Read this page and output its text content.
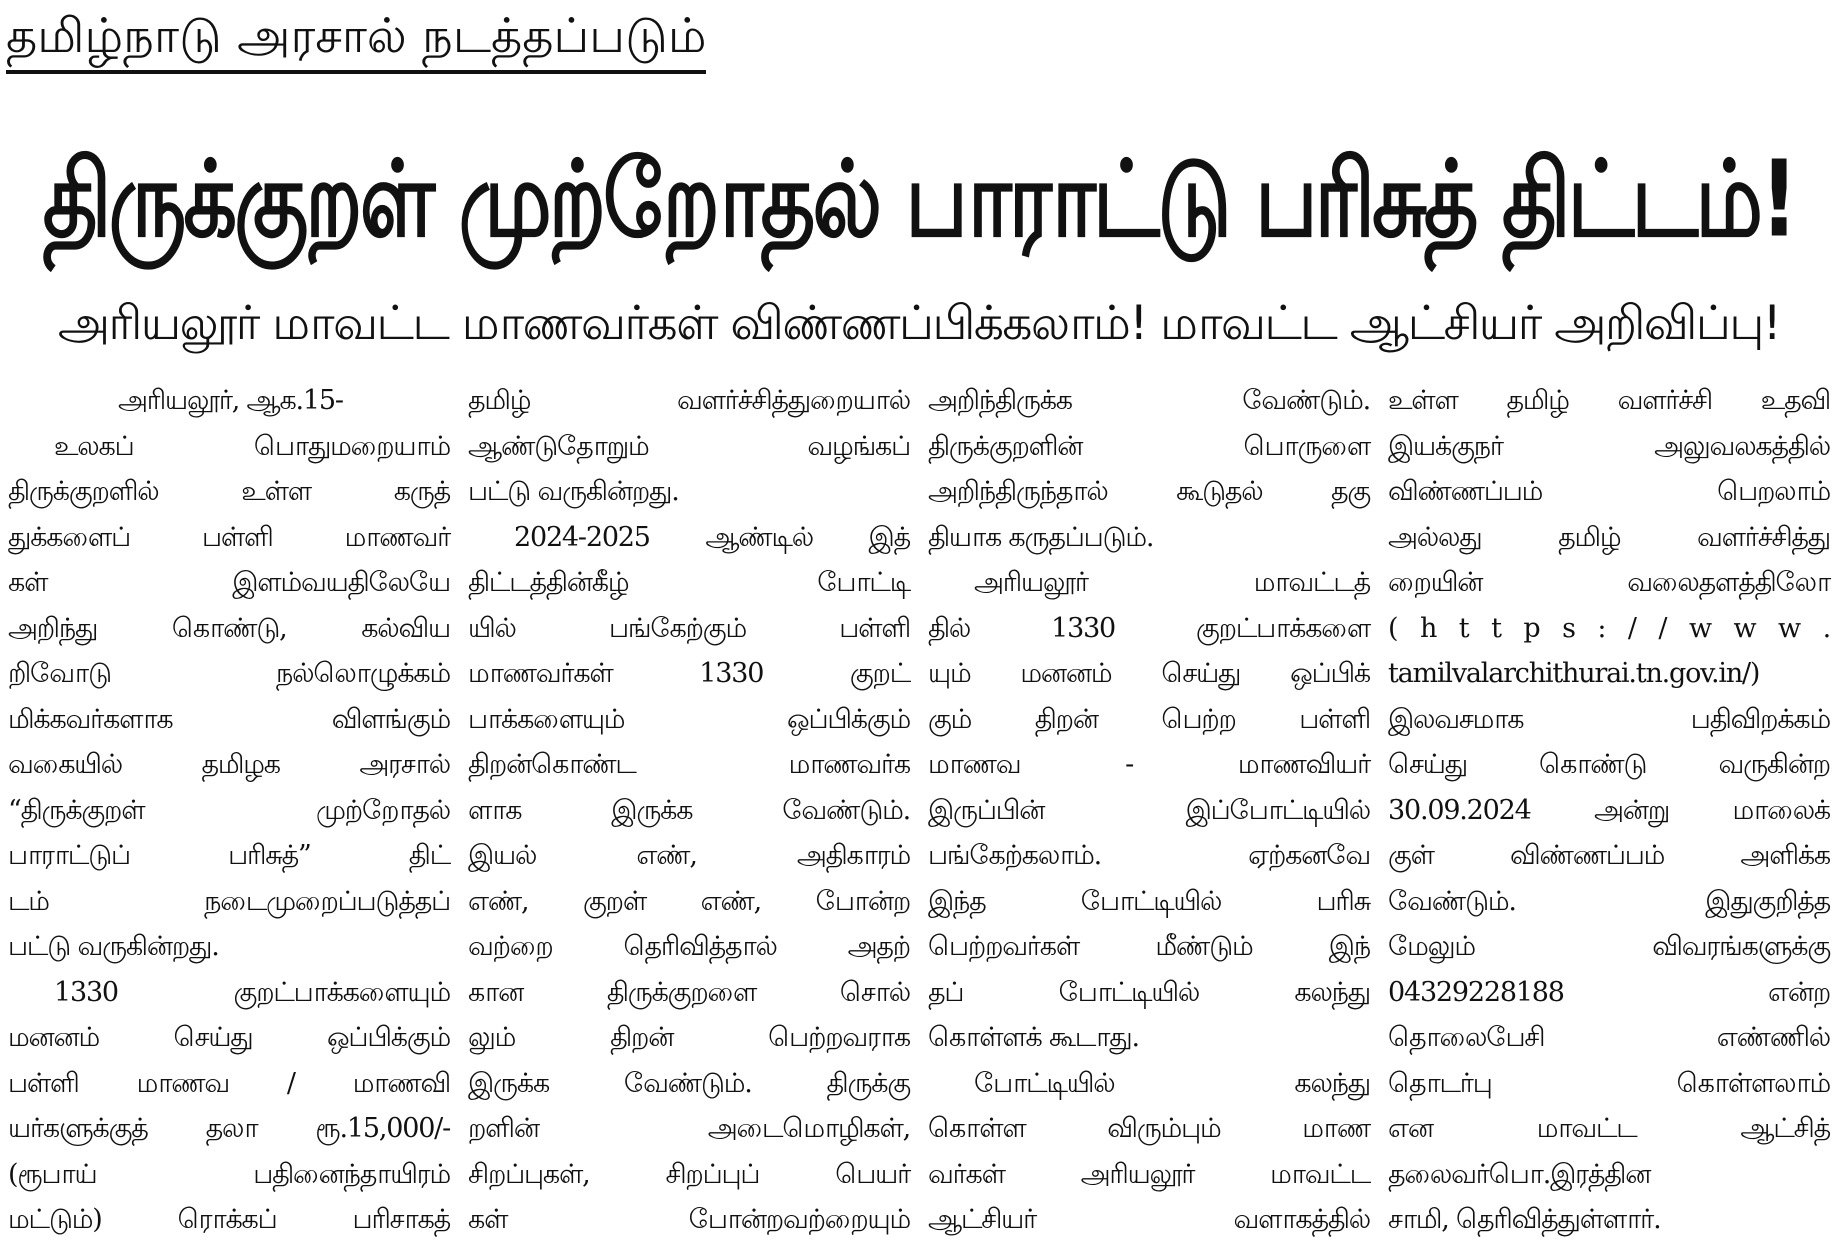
தமிழ்நாடு அரசால் நடத்தப்படும்
திருக்குறள் முற்றோதல் பாராட்டு பரிசுத் திட்டம்!
அரியலூர் மாவட்ட மாணவர்கள் விண்ணப்பிக்கலாம்! மாவட்ட ஆட்சியர் அறிவிப்பு!

அரியலூர், ஆக.15-

உலகப் பொதுமறையாம்

திருக்குறளில் உள்ள கருத்

துக்களைப் பள்ளி மாணவர்

கள் இளம்வயதிலேயே

அறிந்து கொண்டு, கல்விய

றிவோடு நல்லொழுக்கம்

மிக்கவர்களாக விளங்கும்

வகையில் தமிழக அரசால்

“திருக்குறள் முற்றோதல்

பாராட்டுப் பரிசுத்” திட்

டம் நடைமுறைப்படுத்தப்

பட்டு வருகின்றது.

1330 குறட்பாக்களையும்

மனனம் செய்து ஒப்பிக்கும்

பள்ளி மாணவ / மாணவி

யர்களுக்குத் தலா ரூ.15,000/-

(ரூபாய் பதினைந்தாயிரம்

மட்டும்) ரொக்கப் பரிசாகத்

தமிழ் வளர்ச்சித்துறையால்

ஆண்டுதோறும் வழங்கப்

பட்டு வருகின்றது.

2024-2025 ஆண்டில் இத்

திட்டத்தின்கீழ் போட்டி

யில் பங்கேற்கும் பள்ளி

மாணவர்கள் 1330 குறட்

பாக்களையும் ஒப்பிக்கும்

திறன்கொண்ட மாணவர்க

ளாக இருக்க வேண்டும்.

இயல் எண், அதிகாரம்

எண், குறள் எண், போன்ற

வற்றை தெரிவித்தால் அதற்

கான திருக்குறளை சொல்

லும் திறன் பெற்றவராக

இருக்க வேண்டும். திருக்கு

றளின் அடைமொழிகள்,

சிறப்புகள், சிறப்புப் பெயர்

கள் போன்றவற்றையும்

அறிந்திருக்க வேண்டும்.

திருக்குறளின் பொருளை

அறிந்திருந்தால் கூடுதல் தகு

தியாக கருதப்படும்.

அரியலூர் மாவட்டத்

தில் 1330 குறட்பாக்களை

யும் மனனம் செய்து ஒப்பிக்

கும் திறன் பெற்ற பள்ளி

மாணவ - மாணவியர்

இருப்பின் இப்போட்டியில்

பங்கேற்கலாம். ஏற்கனவே

இந்த போட்டியில் பரிசு

பெற்றவர்கள் மீண்டும் இந்

தப் போட்டியில் கலந்து

கொள்ளக் கூடாது.

போட்டியில் கலந்து

கொள்ள விரும்பும் மாண

வர்கள் அரியலூர் மாவட்ட

ஆட்சியர் வளாகத்தில்

உள்ள தமிழ் வளர்ச்சி உதவி

இயக்குநர் அலுவலகத்தில்

விண்ணப்பம் பெறலாம்

அல்லது தமிழ் வளர்ச்சித்து

றையின் வலைதளத்திலோ

( h t t p s : / / w w w .

tamilvalarchithurai.tn.gov.in/)

இலவசமாக பதிவிறக்கம்

செய்து கொண்டு வருகின்ற

30.09.2024 அன்று மாலைக்

குள் விண்ணப்பம் அளிக்க

வேண்டும். இதுகுறித்த

மேலும் விவரங்களுக்கு

04329228188 என்ற

தொலைபேசி எண்ணில்

தொடர்பு கொள்ளலாம்

என மாவட்ட ஆட்சித்

தலைவர்பொ.இரத்தின

சாமி, தெரிவித்துள்ளார்.
